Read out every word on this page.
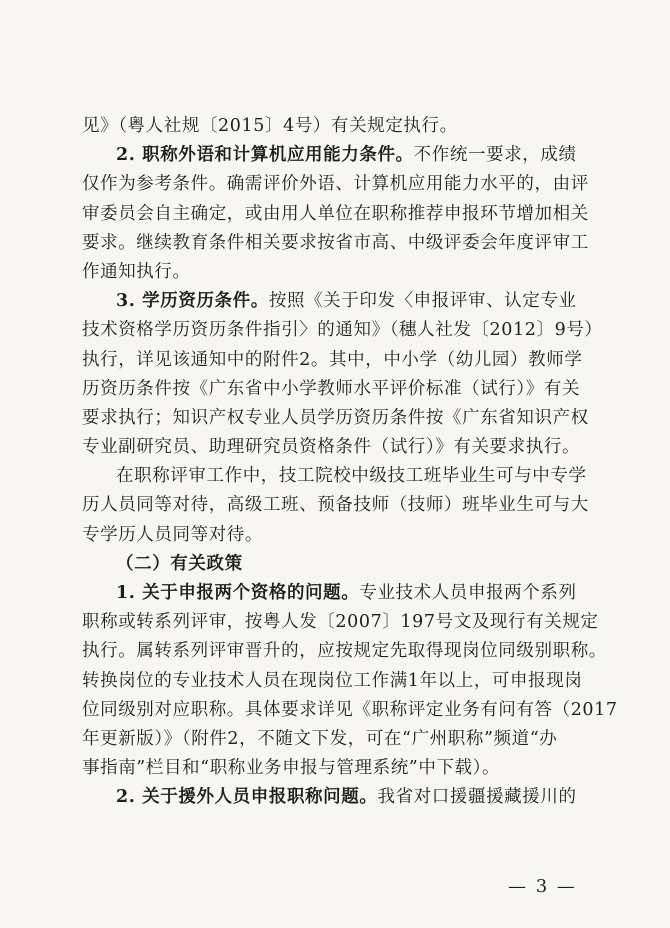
见》（粤人社规〔2015〕4号）有关规定执行。
2. 职称外语和计算机应用能力条件。不作统一要求，成绩
仅作为参考条件。确需评价外语、计算机应用能力水平的，由评
审委员会自主确定，或由用人单位在职称推荐申报环节增加相关
要求。继续教育条件相关要求按省市高、中级评委会年度评审工
作通知执行。
3. 学历资历条件。按照《关于印发〈申报评审、认定专业
技术资格学历资历条件指引〉的通知》（穗人社发〔2012〕9号）
执行，详见该通知中的附件2。其中，中小学（幼儿园）教师学
历资历条件按《广东省中小学教师水平评价标准（试行）》有关
要求执行；知识产权专业人员学历资历条件按《广东省知识产权
专业副研究员、助理研究员资格条件（试行）》有关要求执行。
在职称评审工作中，技工院校中级技工班毕业生可与中专学
历人员同等对待，高级工班、预备技师（技师）班毕业生可与大
专学历人员同等对待。
（二）有关政策
1. 关于申报两个资格的问题。专业技术人员申报两个系列
职称或转系列评审，按粤人发〔2007〕197号文及现行有关规定
执行。属转系列评审晋升的，应按规定先取得现岗位同级别职称。
转换岗位的专业技术人员在现岗位工作满1年以上，可申报现岗
位同级别对应职称。具体要求详见《职称评定业务有问有答（2017
年更新版）》（附件2，不随文下发，可在“广州职称”频道“办
事指南”栏目和“职称业务申报与管理系统”中下载）。
2. 关于援外人员申报职称问题。我省对口援疆援藏援川的
— 3 —
